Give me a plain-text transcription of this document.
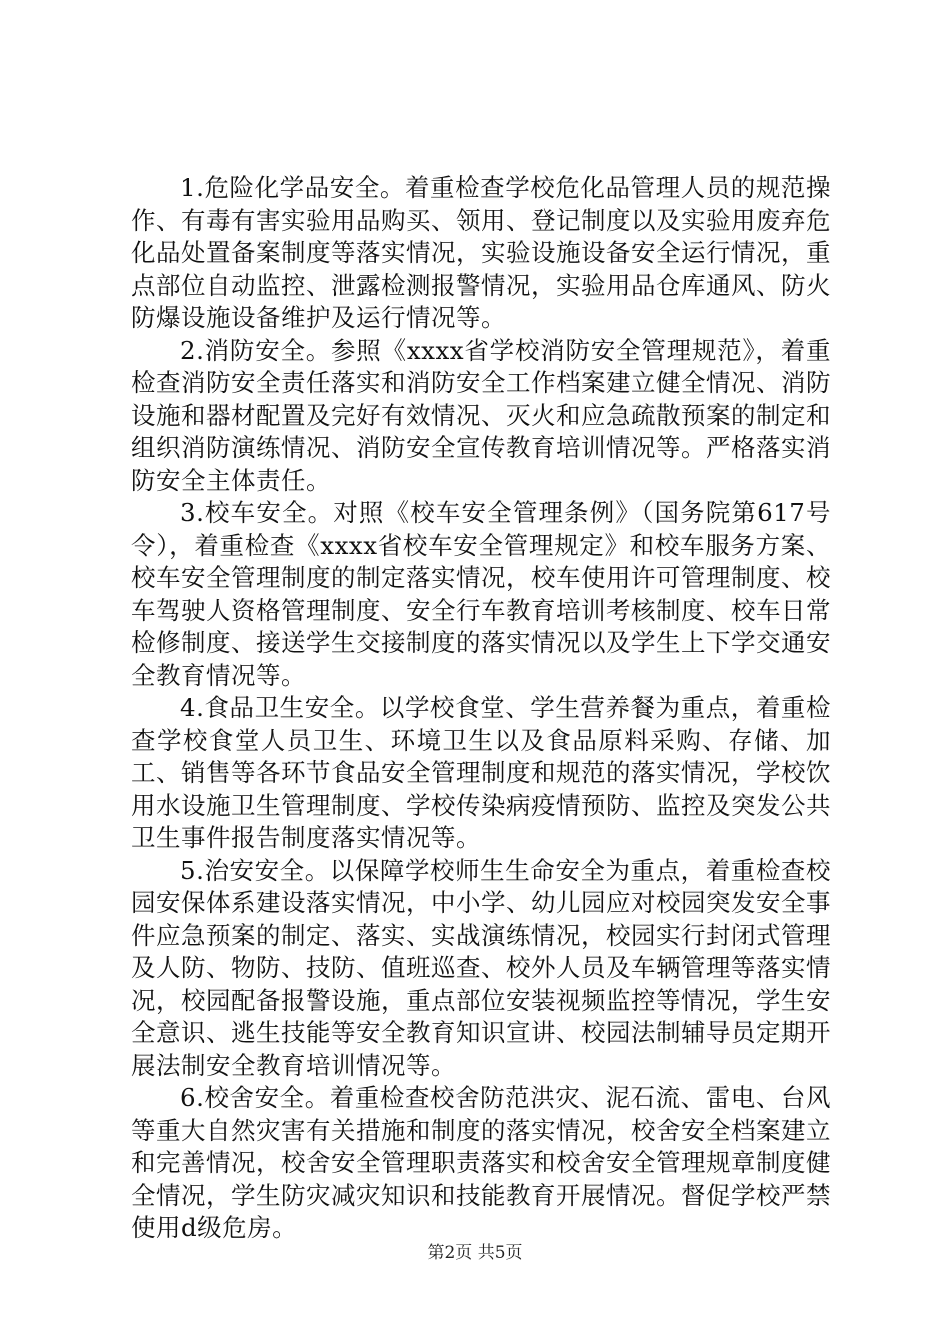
1.危险化学品安全。着重检查学校危化品管理人员的规范操作、有毒有害实验用品购买、领用、登记制度以及实验用废弃危化品处置备案制度等落实情况，实验设施设备安全运行情况，重点部位自动监控、泄露检测报警情况，实验用品仓库通风、防火防爆设施设备维护及运行情况等。

2.消防安全。参照《xxxx省学校消防安全管理规范》，着重检查消防安全责任落实和消防安全工作档案建立健全情况、消防设施和器材配置及完好有效情况、灭火和应急疏散预案的制定和组织消防演练情况、消防安全宣传教育培训情况等。严格落实消防安全主体责任。

3.校车安全。对照《校车安全管理条例》（国务院第617号令），着重检查《xxxx省校车安全管理规定》和校车服务方案、校车安全管理制度的制定落实情况，校车使用许可管理制度、校车驾驶人资格管理制度、安全行车教育培训考核制度、校车日常检修制度、接送学生交接制度的落实情况以及学生上下学交通安全教育情况等。

4.食品卫生安全。以学校食堂、学生营养餐为重点，着重检查学校食堂人员卫生、环境卫生以及食品原料采购、存储、加工、销售等各环节食品安全管理制度和规范的落实情况，学校饮用水设施卫生管理制度、学校传染病疫情预防、监控及突发公共卫生事件报告制度落实情况等。

5.治安安全。以保障学校师生生命安全为重点，着重检查校园安保体系建设落实情况，中小学、幼儿园应对校园突发安全事件应急预案的制定、落实、实战演练情况，校园实行封闭式管理及人防、物防、技防、值班巡查、校外人员及车辆管理等落实情况，校园配备报警设施，重点部位安装视频监控等情况，学生安全意识、逃生技能等安全教育知识宣讲、校园法制辅导员定期开展法制安全教育培训情况等。

6.校舍安全。着重检查校舍防范洪灾、泥石流、雷电、台风等重大自然灾害有关措施和制度的落实情况，校舍安全档案建立和完善情况，校舍安全管理职责落实和校舍安全管理规章制度健全情况，学生防灾减灾知识和技能教育开展情况。督促学校严禁使用d级危房。

第2页 共5页
